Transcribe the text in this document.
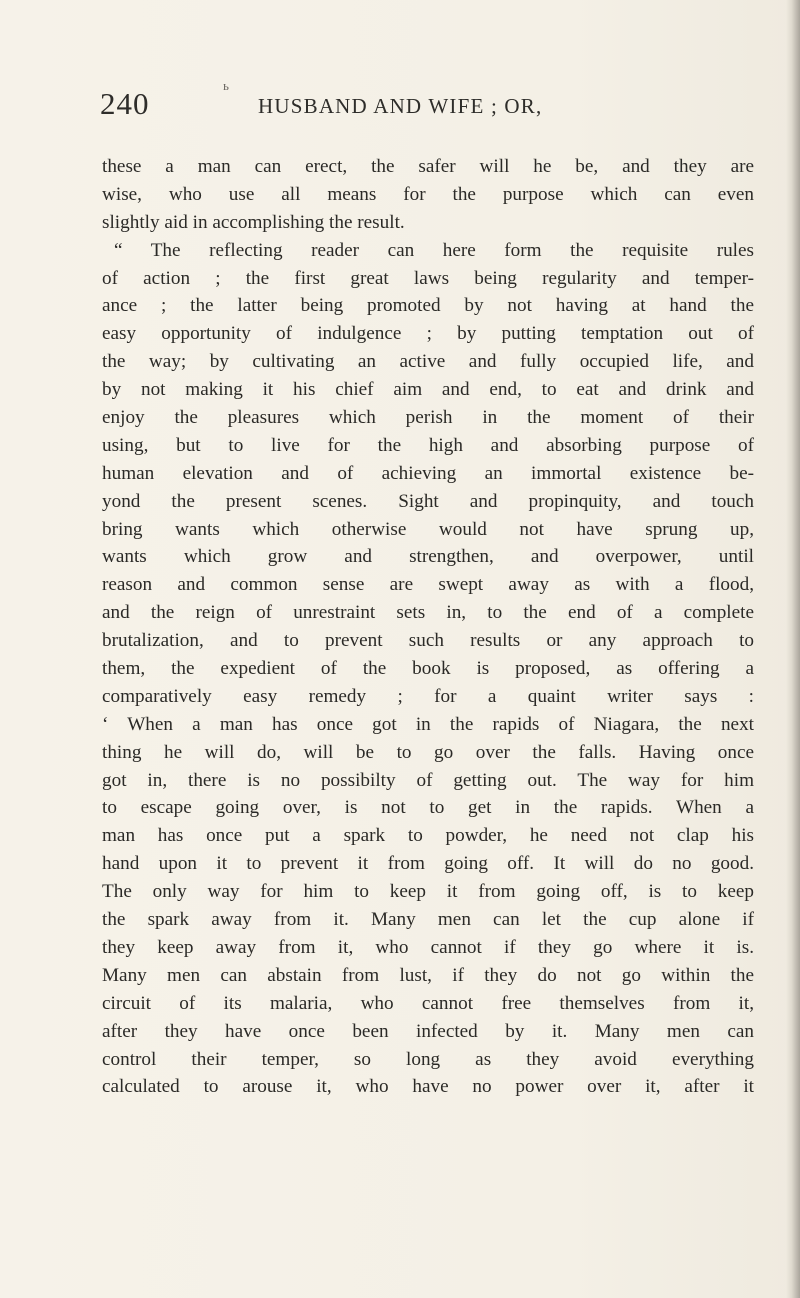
ь
240	HUSBAND AND WIFE ; OR,
these a man can erect, the safer will he be, and they are
wise, who use all means for the purpose which can even
slightly aid in accomplishing the result.
“ The reflecting reader can here form the requisite rules
of action ; the first great laws being regularity and temper-
ance ; the latter being promoted by not having at hand the
easy opportunity of indulgence ; by putting temptation out of
the way; by cultivating an active and fully occupied life, and
by not making it his chief aim and end, to eat and drink and
enjoy the pleasures which perish in the moment of their
using, but to live for the high and absorbing purpose of
human elevation and of achieving an immortal existence be-
yond the present scenes. Sight and propinquity, and touch
bring wants which otherwise would not have sprung up,
wants which grow and strengthen, and overpower, until
reason and common sense are swept away as with a flood,
and the reign of unrestraint sets in, to the end of a complete
brutalization, and to prevent such results or any approach to
them, the expedient of the book is proposed, as offering a
comparatively easy remedy ; for a quaint writer says :
‘ When a man has once got in the rapids of Niagara, the next
thing he will do, will be to go over the falls. Having once
got in, there is no possibilty of getting out. The way for him
to escape going over, is not to get in the rapids. When a
man has once put a spark to powder, he need not clap his
hand upon it to prevent it from going off. It will do no good.
The only way for him to keep it from going off, is to keep
the spark away from it. Many men can let the cup alone if
they keep away from it, who cannot if they go where it is.
Many men can abstain from lust, if they do not go within the
circuit of its malaria, who cannot free themselves from it,
after they have once been infected by it. Many men can
control their temper, so long as they avoid everything
calculated to arouse it, who have no power over it, after it
